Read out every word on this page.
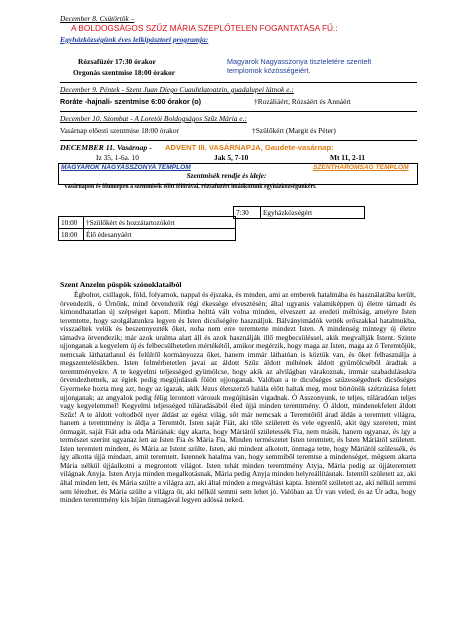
December 8. Csütörtök –
A BOLDOGSÁGOS SZŰZ MÁRIA SZEPLŐTELEN FOGANTATÁSA FŰ.:
Egyházközségünk éves lelkipásztori programja:
Rózsafüzér 17:30 órakor
Orgonás szentmise 18:00 órakor
Magyarok Nagyasszonya tiszteletére szentelt templomok közösségeiért.
December 9. Péntek - Szent Juan Diego Cuauhtlatoatzin, guadalupei látnok e.:
Roráte -hajnali- szentmise 6:00 órakor (o)	†Rozáliáért, Rózsáért és Annáért
December 10. Szombat - A Loretói Boldogságos Szűz Mária e.:
Vasárnap előesti szentmise 18:00 órakor	†Szülőkért (Margit és Péter)
DECEMBER 11. Vasárnap - ADVENT III. VASÁRNAPJA, Gaudete-vasárnap:
Iz 35, 1-6a. 10	Jak 5, 7-10	Mt 11, 2-11
MAGYAROK NAGYASSZONYA TEMPLOM	SZENTHÁROMSÁG TEMPLOM
Szentmisék rendje és ideje:
Vasárnapon és főünnepen a szentmisék előtt félórával, rózsafüzért imádkozunk egyházközségünkért.
7:30	Egyházközségért
10:00	†Szülőkért és hozzátartozókért
18:00	Élő édesanyáért
Szent Anzelm püspök szónoklataiból

Égboltot, csillagok, föld, folyamok, nappal és éjszaka, és minden, ami az emberek hatalmába és használatába került, örvendezik, ó Úrnőnk, mind örvendezik régi ékessége elvesztésén; által ugyanis valamiképpen új életre támadt és kimondhatatlan új szépséget kapott. Mintha holttá vált volna minden, elveszett az eredeti méltóság, amelyre Isten teremtette, hogy szolgálatunkra legyen és Isten dicsőségére használjuk. Bálványimádók vették erőszakkal hatalmukba, visszaéltek velük és beszennyezték őket, noha nem erre teremtette mindezt Isten. A mindenség mintegy új életre támadva örvendezik; már azok uralma alatt áll és azok használják illő megbecsüléssel, akik megvallják Istent. Szinte ujjonganak a kegyelem új és felbecsülhetetlen mértékétől, amikor megérzik, hogy maga az Isten, maga az ő Teremtőjük, nemcsak láthatatlanul és felülről kormányozza őket, hanem immár láthatóan is köztük van, és őket felhasználja a megszentelésükben. Isten felmérhetetlen javai az áldott Szűz áldott méhének áldott gyümölcséből áradtak a teremtményekre. A te kegyelmi teljességed gyümölcse, hogy akik az alvilágban várakoznak, immár szabadulásukra örvendezhetnek, az égiek pedig megújulásuk fölött ujjonganak. Valóban a te dicsőséges szüzességednek dicsőséges Gyermeke hozta meg azt, hogy az igazak, akik Jézus életszerző halála előtt haltak meg, most börtönük szétzúzása felett ujjonganak; az angyalok pedig félig lerontott városuk megújításán vigadnak. Ó Asszonyunk, te teljes, túláradóan teljes vagy kegyelemmel! Kegyelmi teljességed túláradásából éled újjá minden teremtmény. Ó áldott, mindenekfelett áldott Szűz! A te áldott voltodból nyer áldást az egész világ, sőt már nemcsak a Teremtőtől árad áldás a teremtett világra, hanem a teremtmény is áldja a Teremtőt. Isten saját Fiát, aki tőle született és vele egyenlő, akit úgy szeretett, mint önmagát, saját Fiát adta oda Máriának: úgy akarta, hogy Máriától születessék Fia, nem másik, hanem ugyanaz, és így a természet szerint ugyanaz lett az Isten Fia és Mária Fia. Minden természetet Isten teremtett, és Isten Máriától született. Isten teremtett mindent, és Mária az Istent szülte. Isten, aki mindent alkotott, önmaga tette, hogy Máriától szülessék, és így alkotta újjá mindazt, amit teremtett. Istennek hatalma van, hogy semmiből teremtse a mindenséget, mégsem akarta Mária nélkül újjáalkotni a megrontott világot. Isten tehát minden teremtmény Atyja, Mária pedig az újjáteremtett világnak Anyja. Isten Atyja minden megalkotásnak, Mária pedig Anyja minden helyreállításnak. Istentől született az, aki által minden lett, és Mária szülte a világra azt, aki által minden a megváltást kapta. Istentől született az, aki nélkül semmi sem létezhet, és Mária szülte a világra őt, aki nélkül semmi sem lehet jó. Valóban az Úr van veled, és az Úr adta, hogy minden teremtmény kis híján önmagával legyen adóssá neked.
